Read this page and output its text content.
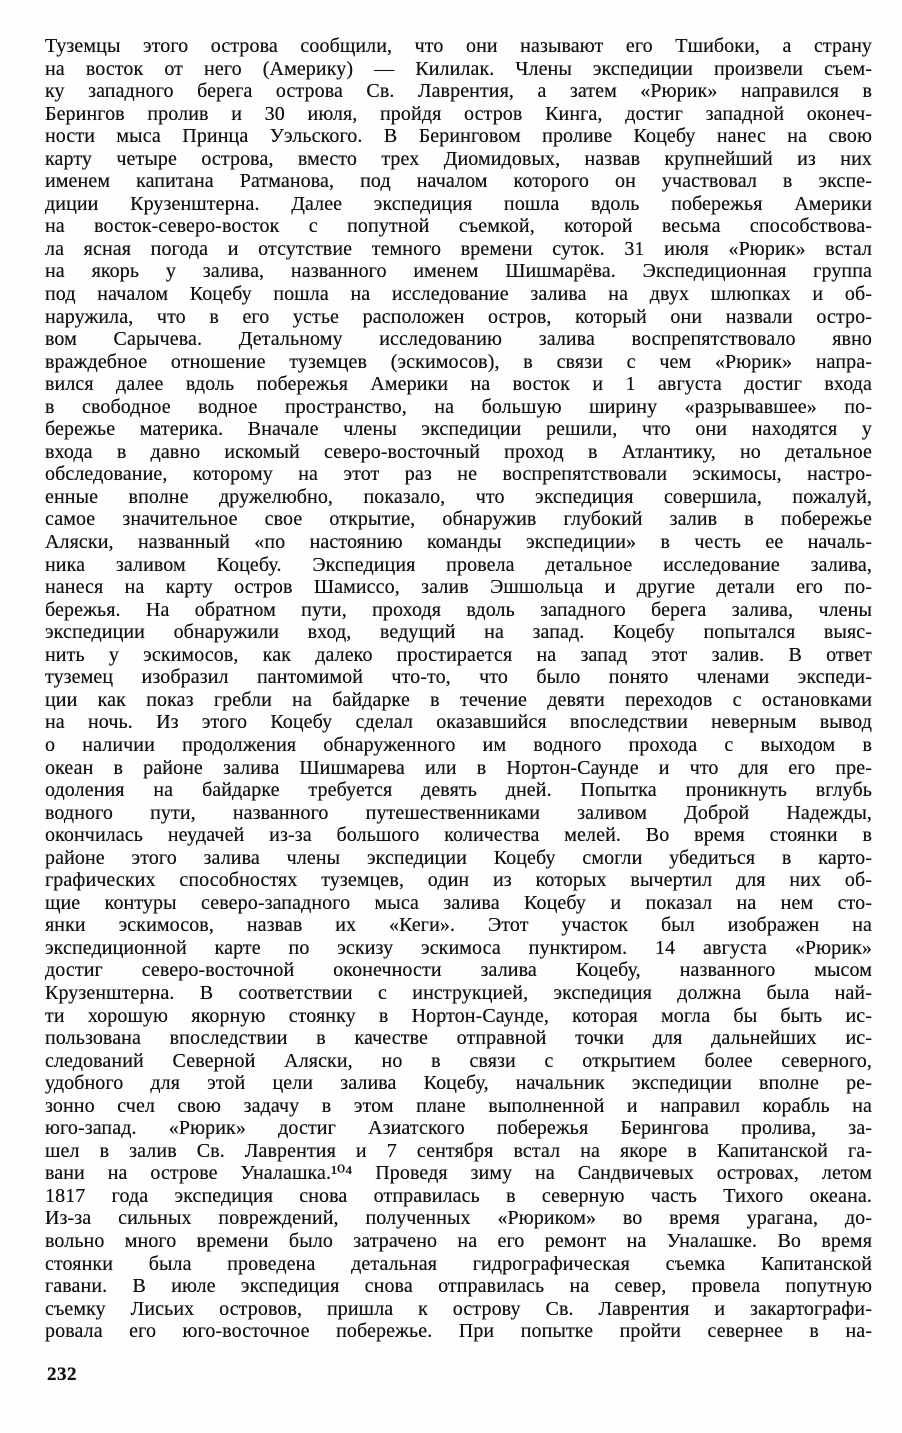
Туземцы этого острова сообщили, что они называют его Тшибоки, а страну
на восток от него (Америку) — Килилак. Члены экспедиции произвели съем-
ку западного берега острова Св. Лаврентия, а затем «Рюрик» направился в
Берингов пролив и 30 июля, пройдя остров Кинга, достиг западной оконеч-
ности мыса Принца Уэльского. В Беринговом проливе Коцебу нанес на свою
карту четыре острова, вместо трех Диомидовых, назвав крупнейший из них
именем капитана Ратманова, под началом которого он участвовал в экспе-
диции Крузенштерна. Далее экспедиция пошла вдоль побережья Америки
на восток-северо-восток с попутной съемкой, которой весьма способствова-
ла ясная погода и отсутствие темного времени суток. 31 июля «Рюрик» встал
на якорь у залива, названного именем Шишмарёва. Экспедиционная группа
под началом Коцебу пошла на исследование залива на двух шлюпках и об-
наружила, что в его устье расположен остров, который они назвали остро-
вом Сарычева. Детальному исследованию залива воспрепятствовало явно
враждебное отношение туземцев (эскимосов), в связи с чем «Рюрик» напра-
вился далее вдоль побережья Америки на восток и 1 августа достиг входа
в свободное водное пространство, на большую ширину «разрывавшее» по-
бережье материка. Вначале члены экспедиции решили, что они находятся у
входа в давно искомый северо-восточный проход в Атлантику, но детальное
обследование, которому на этот раз не воспрепятствовали эскимосы, настро-
енные вполне дружелюбно, показало, что экспедиция совершила, пожалуй,
самое значительное свое открытие, обнаружив глубокий залив в побережье
Аляски, названный «по настоянию команды экспедиции» в честь ее началь-
ника заливом Коцебу. Экспедиция провела детальное исследование залива,
нанеся на карту остров Шамиссо, залив Эшшольца и другие детали его по-
бережья. На обратном пути, проходя вдоль западного берега залива, члены
экспедиции обнаружили вход, ведущий на запад. Коцебу попытался выяс-
нить у эскимосов, как далеко простирается на запад этот залив. В ответ
туземец изобразил пантомимой что-то, что было понято членами экспеди-
ции как показ гребли на байдарке в течение девяти переходов с остановками
на ночь. Из этого Коцебу сделал оказавшийся впоследствии неверным вывод
о наличии продолжения обнаруженного им водного прохода с выходом в
океан в районе залива Шишмарева или в Нортон-Саунде и что для его пре-
одоления на байдарке требуется девять дней. Попытка проникнуть вглубь
водного пути, названного путешественниками заливом Доброй Надежды,
окончилась неудачей из-за большого количества мелей. Во время стоянки в
районе этого залива члены экспедиции Коцебу смогли убедиться в карто-
графических способностях туземцев, один из которых вычертил для них об-
щие контуры северо-западного мыса залива Коцебу и показал на нем сто-
янки эскимосов, назвав их «Кеги». Этот участок был изображен на
экспедиционной карте по эскизу эскимоса пунктиром. 14 августа «Рюрик»
достиг северо-восточной оконечности залива Коцебу, названного мысом
Крузенштерна. В соответствии с инструкцией, экспедиция должна была най-
ти хорошую якорную стоянку в Нортон-Саунде, которая могла бы быть ис-
пользована впоследствии в качестве отправной точки для дальнейших ис-
следований Северной Аляски, но в связи с открытием более северного,
удобного для этой цели залива Коцебу, начальник экспедиции вполне ре-
зонно счел свою задачу в этом плане выполненной и направил корабль на
юго-запад. «Рюрик» достиг Азиатского побережья Берингова пролива, за-
шел в залив Св. Лаврентия и 7 сентября встал на якоре в Капитанской га-
вани на острове Уналашка.¹⁰⁴ Проведя зиму на Сандвичевых островах, летом
1817 года экспедиция снова отправилась в северную часть Тихого океана.
Из-за сильных повреждений, полученных «Рюриком» во время урагана, до-
вольно много времени было затрачено на его ремонт на Уналашке. Во время
стоянки была проведена детальная гидрографическая съемка Капитанской
гавани. В июле экспедиция снова отправилась на север, провела попутную
съемку Лисьих островов, пришла к острову Св. Лаврентия и закартографи-
ровала его юго-восточное побережье. При попытке пройти севернее в на-
232
